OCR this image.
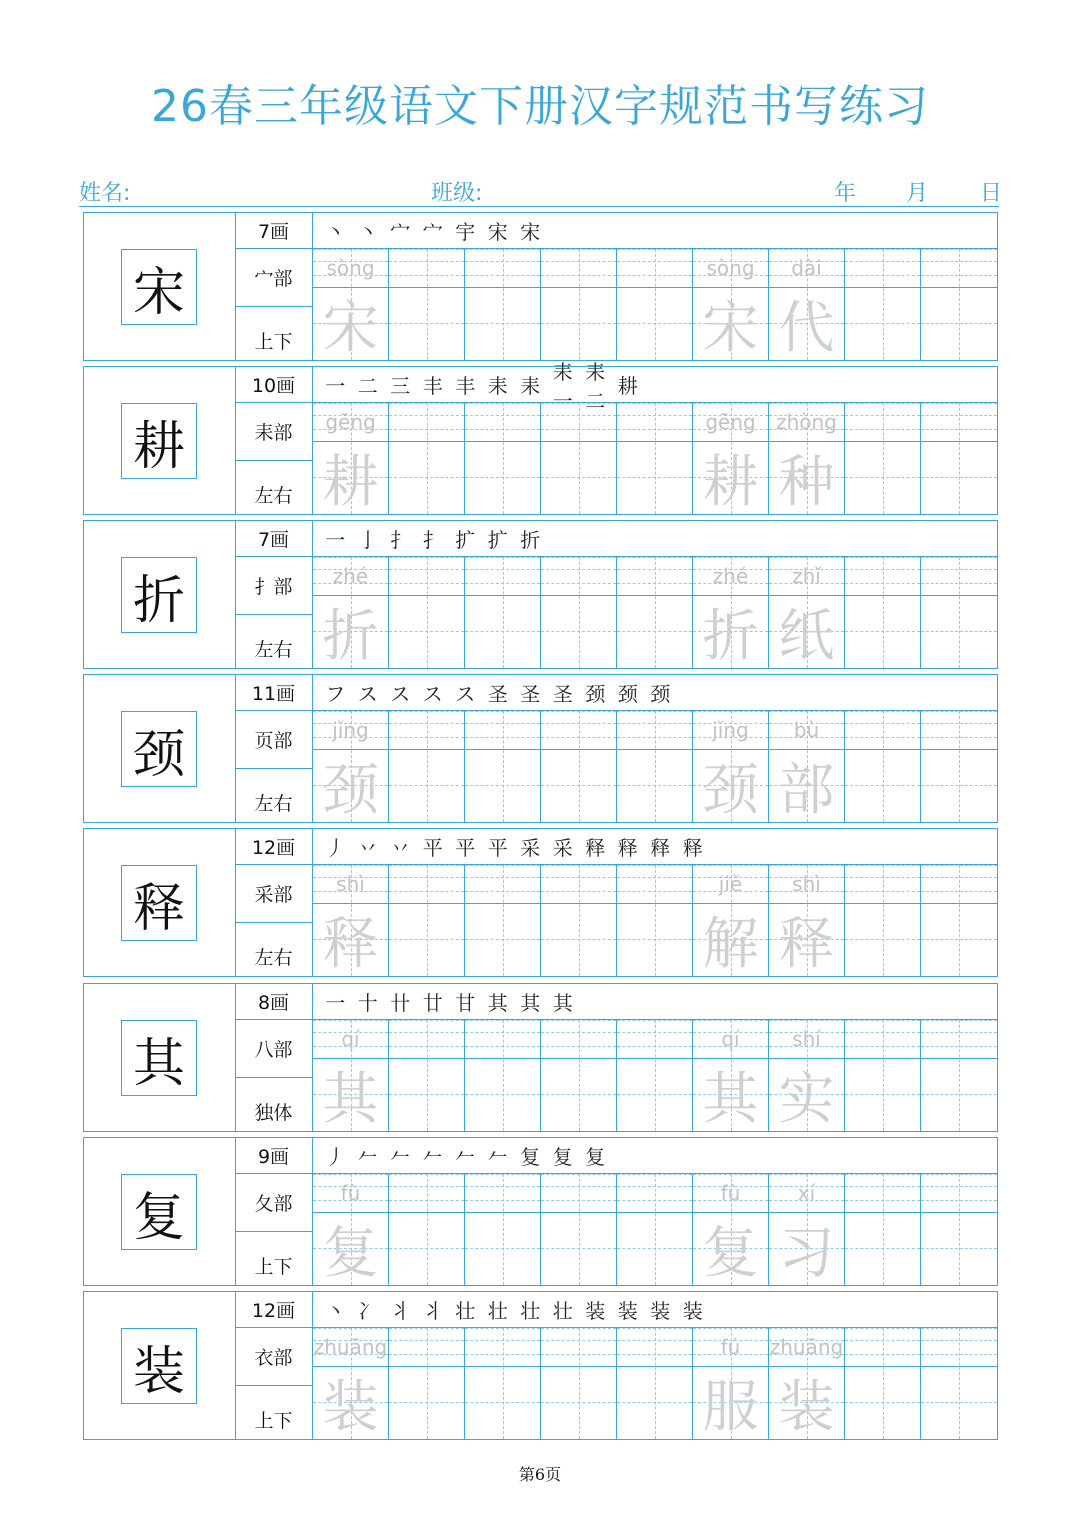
26春三年级语文下册汉字规范书写练习
姓名:	班级:	年 月 日
宋
7画
宀部
上下
丶 丶 宀 宀 宇 宋 宋
sòng
宋
sòng
宋
dài
代
耕
10画
耒部
左右
一 二 三 丰 丰 耒 耒
耒一
耒二
耕
gēng
耕
gēng
耕
zhòng
种
折
7画
扌部
左右
一 亅 扌 扌 扩 扩 折
zhé
折
zhé
折
zhǐ
纸
颈
11画
页部
左右
フ ス ス ス ス 圣 圣 圣 颈 颈 颈
jǐng
颈
jǐng
颈
bù
部
释
12画
采部
左右
丿 丷 丷 平 平 平 采 采 释 释 释 释
shì
释
jiě
解
shì
释
其
8画
八部
独体
一 十 卄 廿 甘 其 其 其
qí
其
qí
其
shí
实
复
9画
夂部
上下
丿 𠂉 𠂉 𠂉 𠂉 𠂉 复 复 复
fù
复
fù
复
xí
习
装
12画
衣部
上下
丶 冫 丬 丬 壮 壮 壮 壮 装 装 装 装
zhuāng
装
fú
服
zhuāng
装
第6页
